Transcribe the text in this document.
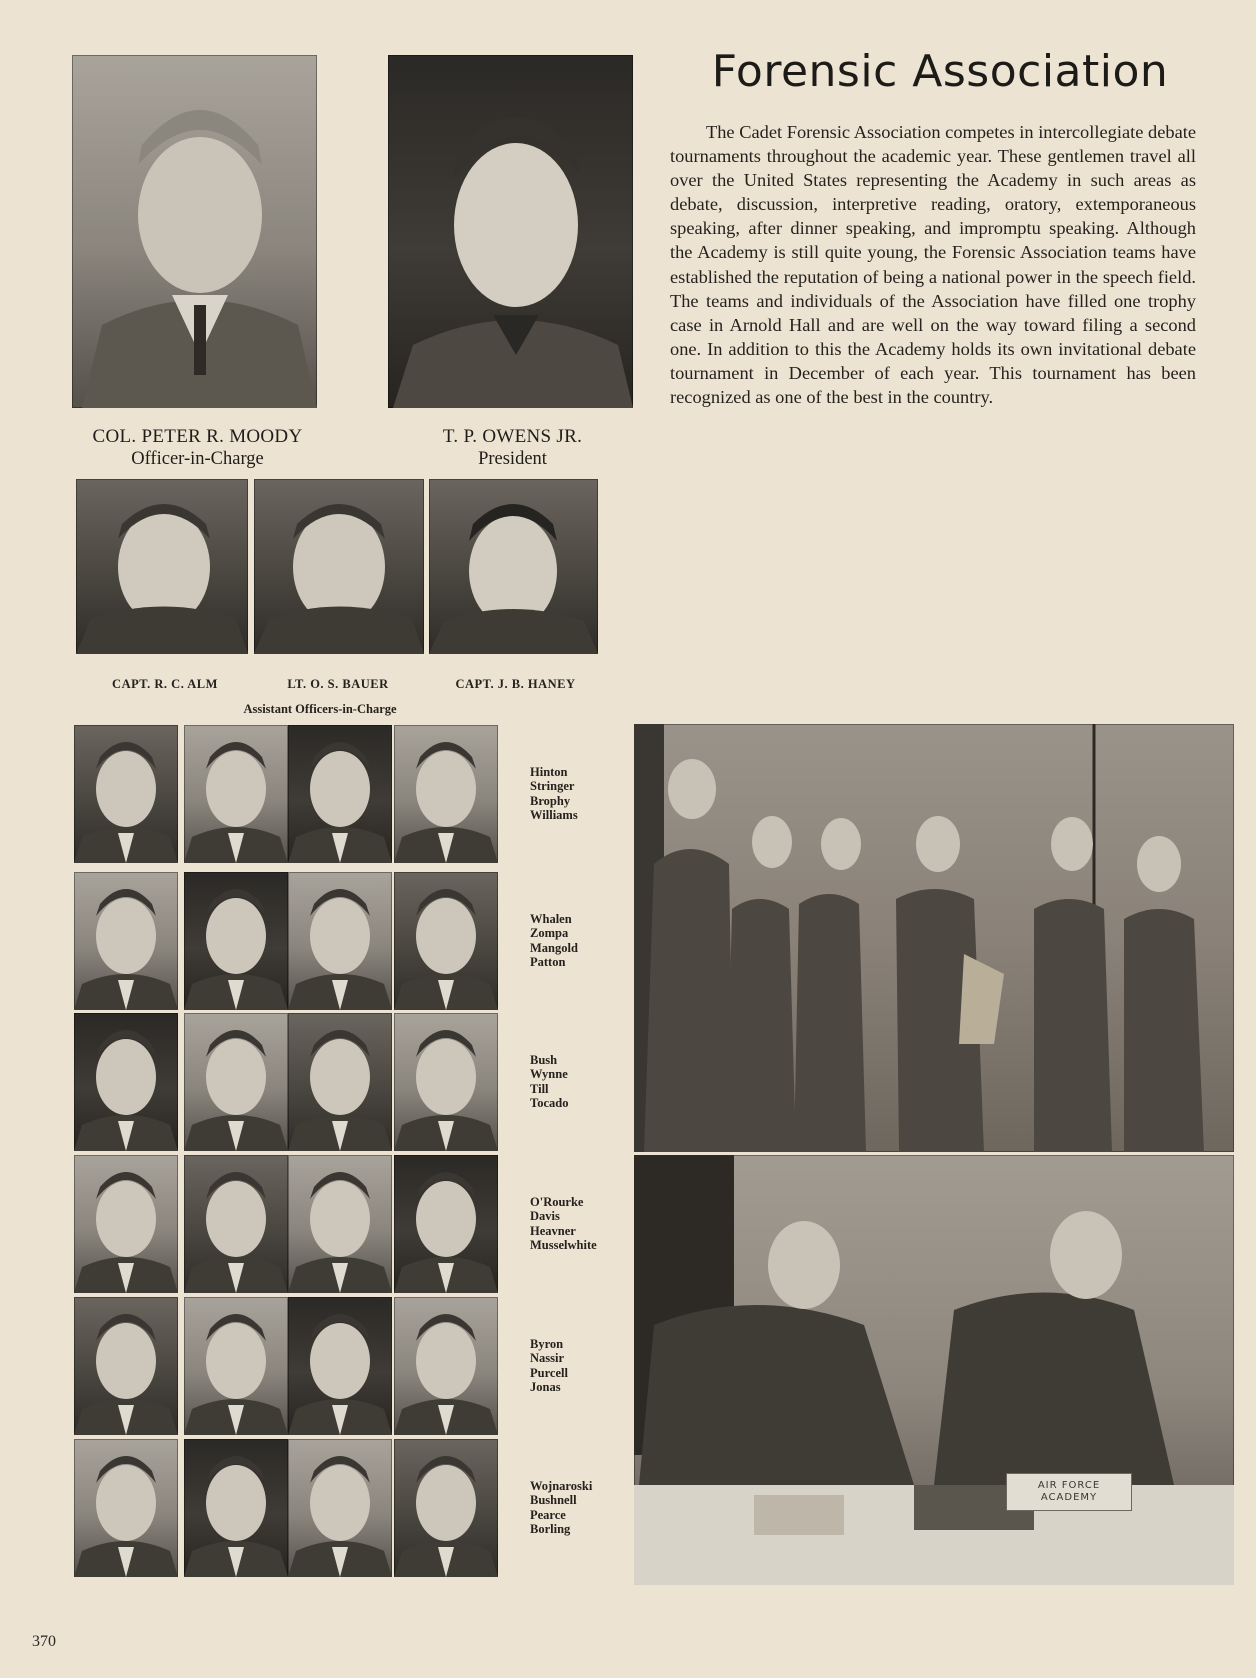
COL. PETER R. MOODY
Officer-in-Charge
T. P. OWENS JR.
President
CAPT. R. C. ALM	LT. O. S. BAUER	CAPT. J. B. HANEY
Assistant Officers-in-Charge
Hinton
Stringer
Brophy
Williams
Whalen
Zompa
Mangold
Patton
Bush
Wynne
Till
Tocado
O'Rourke
Davis
Heavner
Musselwhite
Byron
Nassir
Purcell
Jonas
Wojnaroski
Bushnell
Pearce
Borling
Forensic Association

The Cadet Forensic Association competes in intercollegiate debate tournaments throughout the academic year. These gentlemen travel all over the United States representing the Academy in such areas as debate, discussion, interpretive reading, oratory, extemporaneous speaking, after dinner speaking, and impromptu speaking. Although the Academy is still quite young, the Forensic Association teams have established the reputation of being a national power in the speech field. The teams and individuals of the Association have filled one trophy case in Arnold Hall and are well on the way toward filing a second one. In addition to this the Academy holds its own invitational debate tournament in December of each year. This tournament has been recognized as one of the best in the country.

AIR FORCE
ACADEMY
370
